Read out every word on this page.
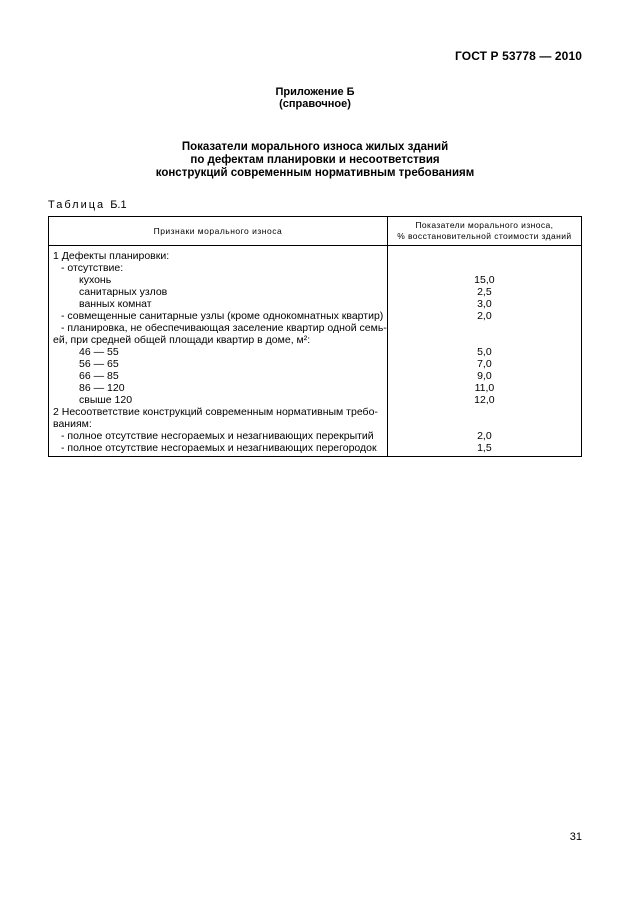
ГОСТ Р 53778 — 2010
Приложение Б
(справочное)
Показатели морального износа жилых зданий
по дефектам планировки и несоответствия
конструкций современным нормативным требованиям
Таблица Б.1
Признаки морального износа	Показатели морального износа,
% восстановительной стоимости зданий

1 Дефекты планировки:	
- отсутствие:	
кухонь	15,0
санитарных узлов	2,5
ванных комнат	3,0
- совмещенные санитарные узлы (кроме однокомнатных квартир)	2,0
- планировка, не обеспечивающая заселение квартир одной семь-	
ей, при средней общей площади квартир в доме, м²:	
46 — 55	5,0
56 — 65	7,0
66 — 85	9,0
86 — 120	11,0
свыше 120	12,0
2 Несоответствие конструкций современным нормативным требо-	
ваниям:	
- полное отсутствие несгораемых и незагнивающих перекрытий	2,0
- полное отсутствие несгораемых и незагнивающих перегородок	1,5
31
